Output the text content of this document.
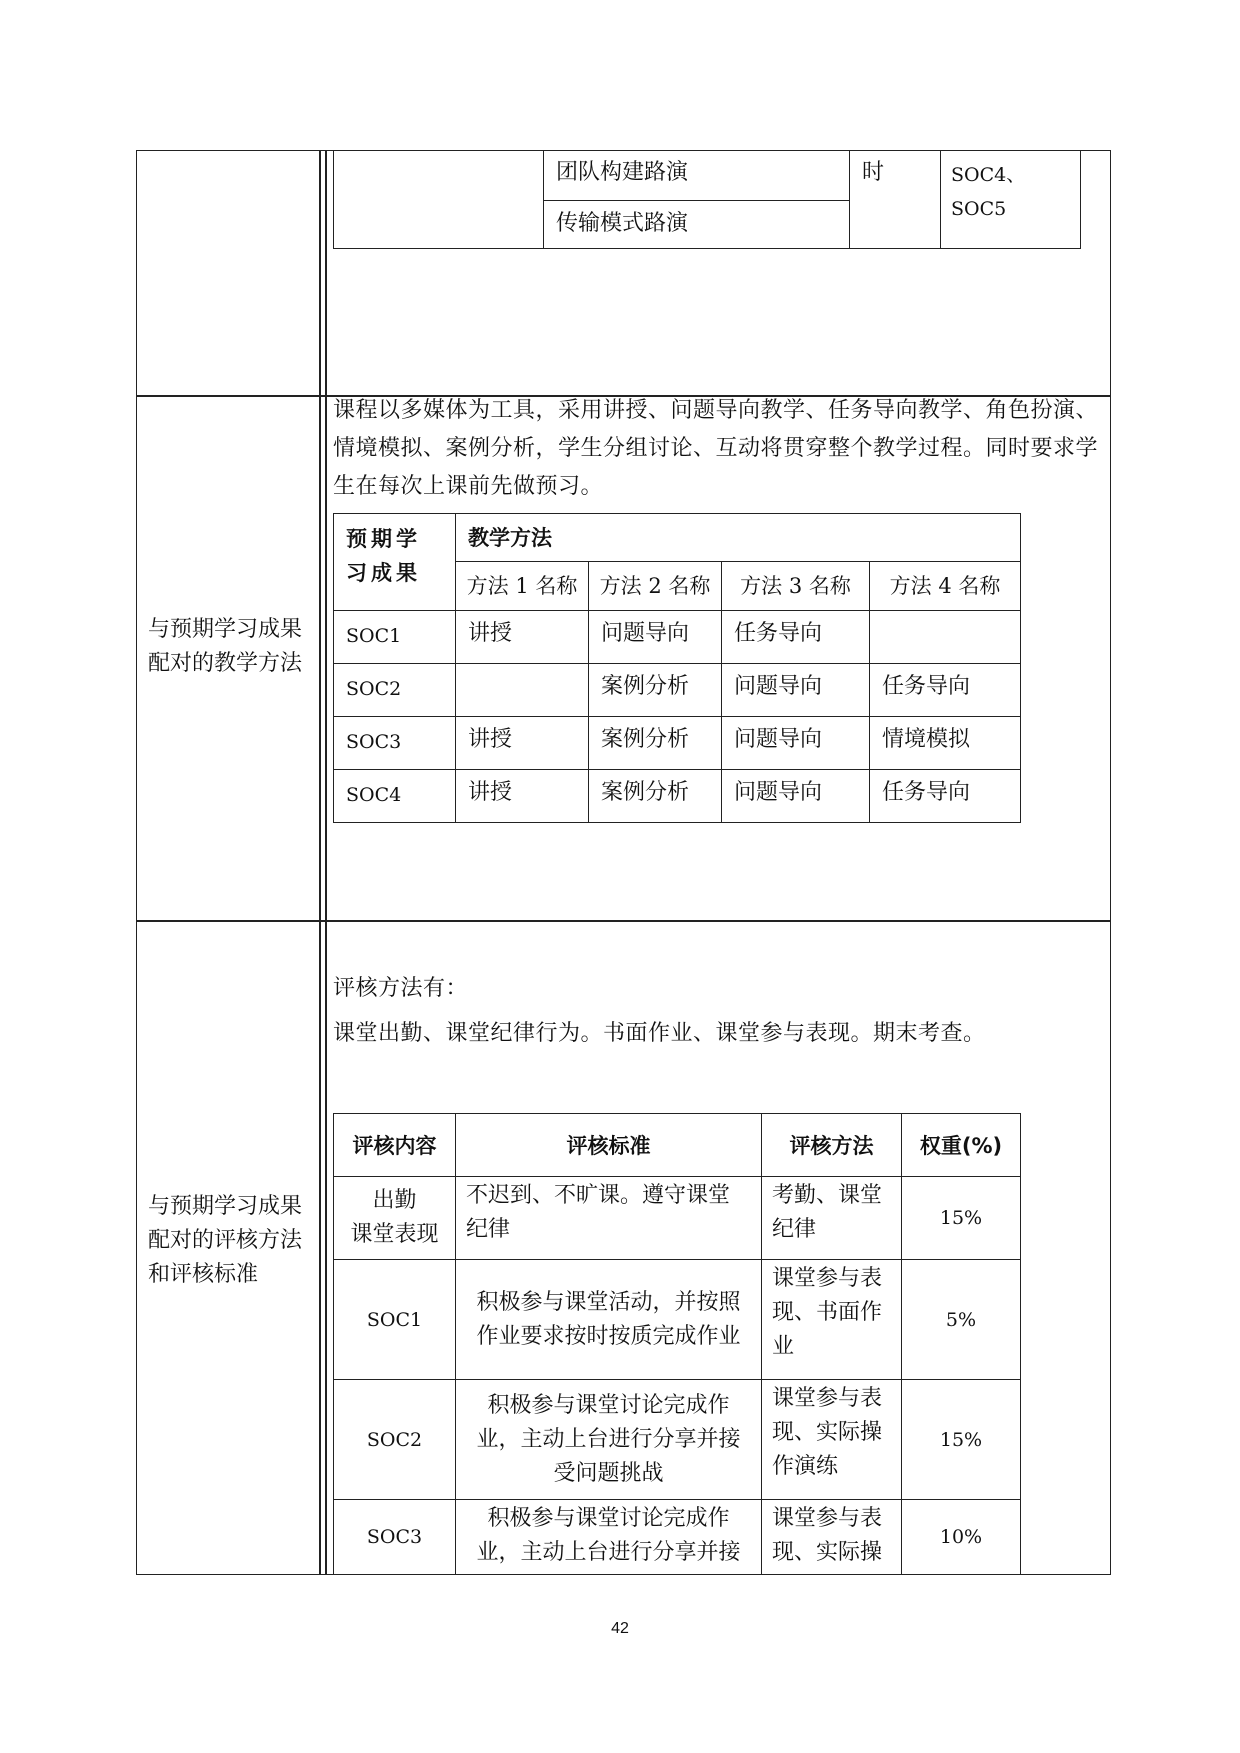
	团队构建路演	时	SOC4、SOC5
传输模式路演
与预期学习成果配对的教学方法
课程以多媒体为工具，采用讲授、问题导向教学、任务导向教学、角色扮演、情境模拟、案例分析，学生分组讨论、互动将贯穿整个教学过程。同时要求学生在每次上课前先做预习。
预期学习成果	教学方法			
	方法 1 名称	方法 2 名称	方法 3 名称	方法 4 名称
SOC1	讲授	问题导向	任务导向	
SOC2		案例分析	问题导向	任务导向
SOC3	讲授	案例分析	问题导向	情境模拟
SOC4	讲授	案例分析	问题导向	任务导向
与预期学习成果配对的评核方法和评核标准
评核方法有：
课堂出勤、课堂纪律行为。书面作业、课堂参与表现。期末考查。
评核内容	评核标准	评核方法	权重(%)
出勤
课堂表现	不迟到、不旷课。遵守课堂纪律	考勤、课堂纪律	15%
SOC1	积极参与课堂活动，并按照作业要求按时按质完成作业	课堂参与表现、书面作业	5%
SOC2	积极参与课堂讨论完成作业，主动上台进行分享并接受问题挑战	课堂参与表现、实际操作演练	15%
SOC3	积极参与课堂讨论完成作业，主动上台进行分享并接	课堂参与表现、实际操	10%
42
